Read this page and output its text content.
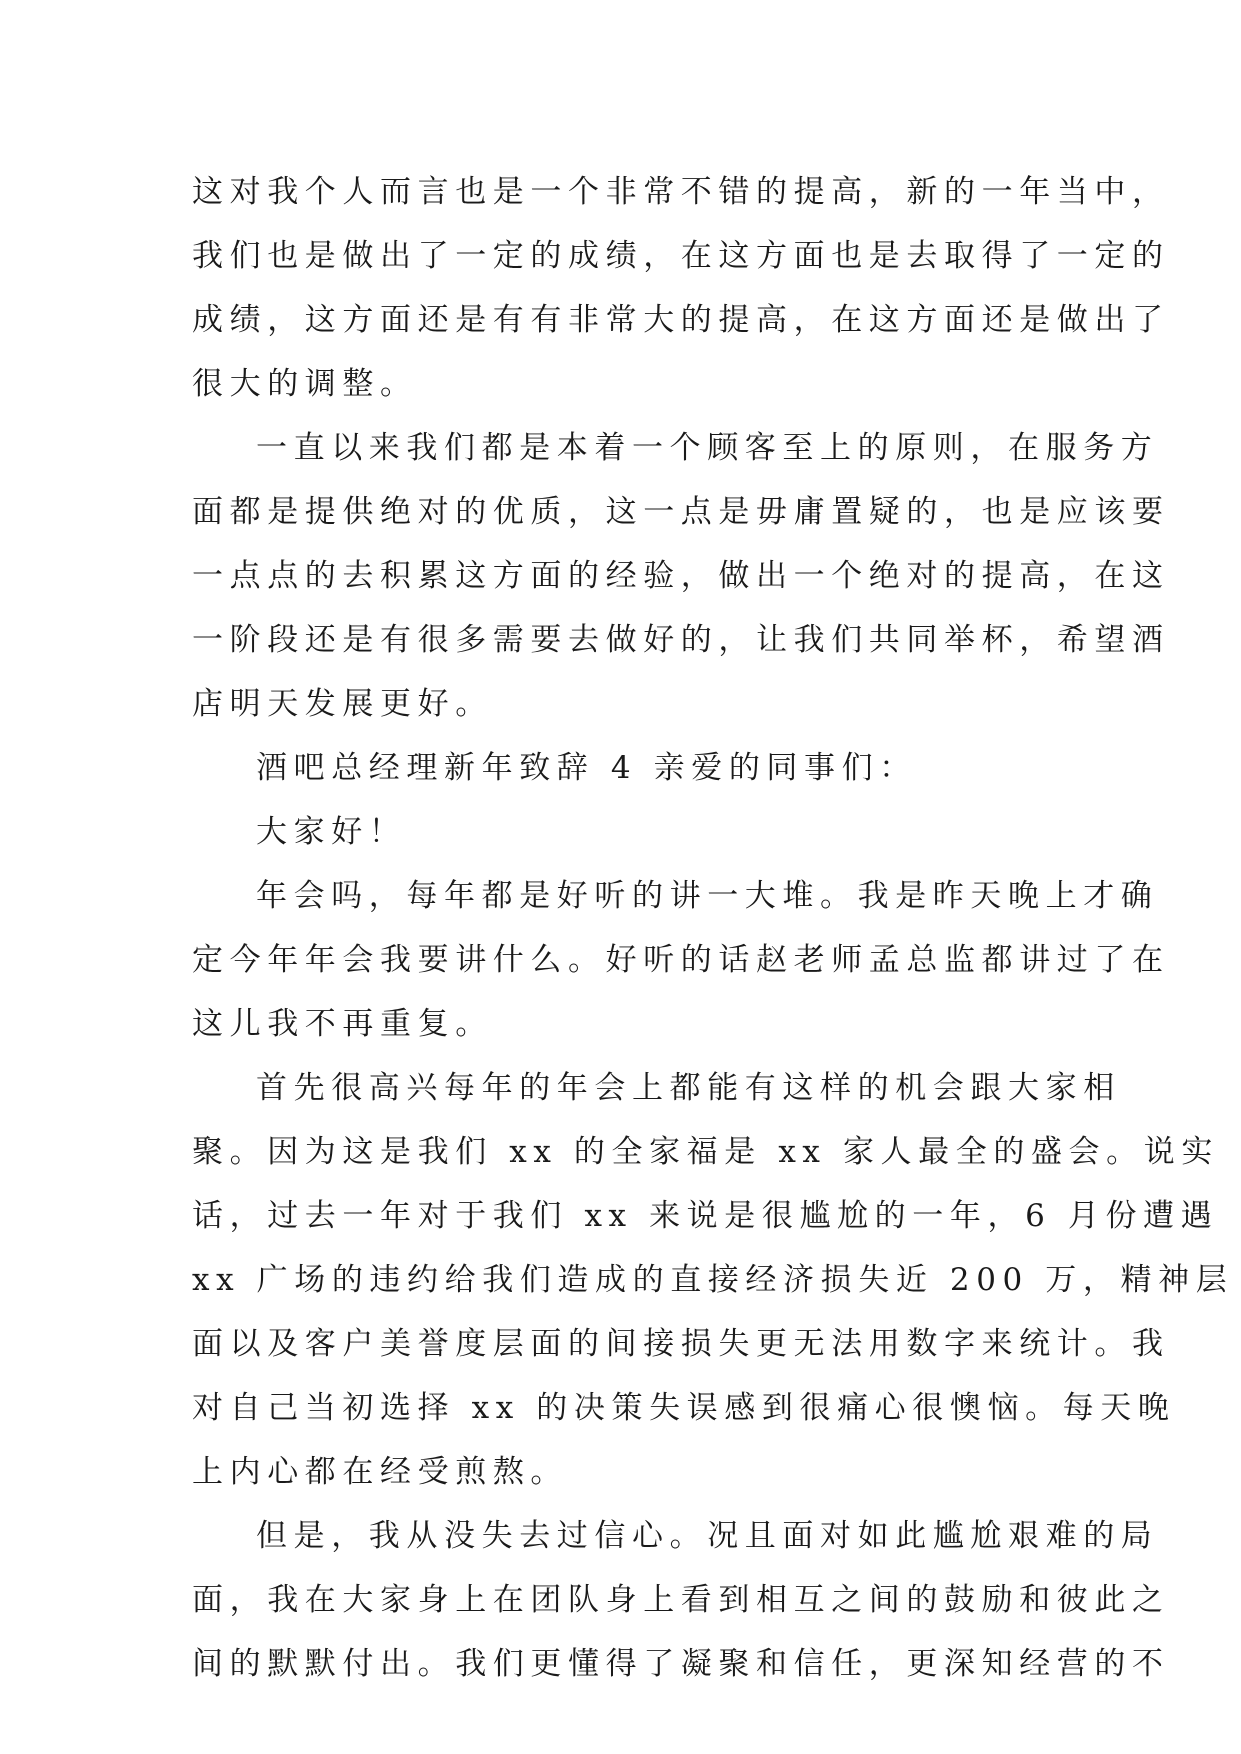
这对我个人而言也是一个非常不错的提高，新的一年当中，
我们也是做出了一定的成绩，在这方面也是去取得了一定的
成绩，这方面还是有有非常大的提高，在这方面还是做出了
很大的调整。
一直以来我们都是本着一个顾客至上的原则，在服务方
面都是提供绝对的优质，这一点是毋庸置疑的，也是应该要
一点点的去积累这方面的经验，做出一个绝对的提高，在这
一阶段还是有很多需要去做好的，让我们共同举杯，希望酒
店明天发展更好。
酒吧总经理新年致辞 4 亲爱的同事们：
大家好！
年会吗，每年都是好听的讲一大堆。我是昨天晚上才确
定今年年会我要讲什么。好听的话赵老师孟总监都讲过了在
这儿我不再重复。
首先很高兴每年的年会上都能有这样的机会跟大家相
聚。因为这是我们 xx 的全家福是 xx 家人最全的盛会。说实
话，过去一年对于我们 xx 来说是很尴尬的一年，6 月份遭遇
xx 广场的违约给我们造成的直接经济损失近 200 万，精神层
面以及客户美誉度层面的间接损失更无法用数字来统计。我
对自己当初选择 xx 的决策失误感到很痛心很懊恼。每天晚
上内心都在经受煎熬。
但是，我从没失去过信心。况且面对如此尴尬艰难的局
面，我在大家身上在团队身上看到相互之间的鼓励和彼此之
间的默默付出。我们更懂得了凝聚和信任，更深知经营的不
